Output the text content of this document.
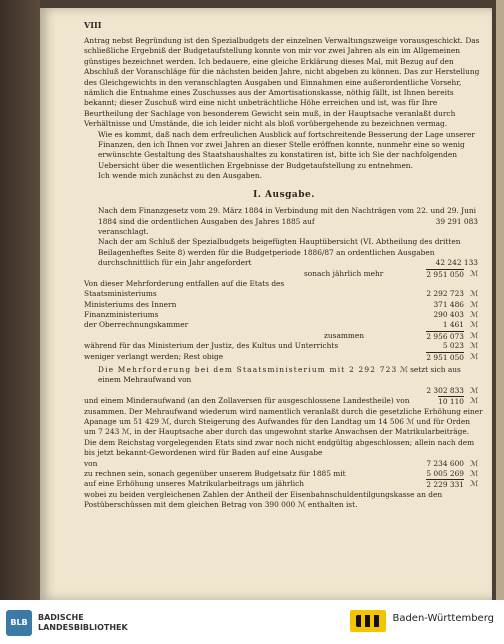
VIII

Antrag nebst Begründung ist den Spezialbudgets der einzelnen Verwaltungszweige vorausgeschickt. Das schließliche Ergebniß der Budgetaufstellung konnte von mir vor zwei Jahren als ein im Allgemeinen günstiges bezeichnet werden. Ich bedauere, eine gleiche Erklärung dieses Mal, mit Bezug auf den Abschluß der Voranschläge für die nächsten beiden Jahre, nicht abgeben zu können. Das zur Herstellung des Gleichgewichts in den veranschlagten Ausgaben und Einnahmen eine außerordentliche Vorsehr, nämlich die Entnahme eines Zuschusses aus der Amortisationskasse, nöthig fällt, ist Ihnen bereits bekannt; dieser Zuschuß wird eine nicht unbeträchtliche Höhe erreichen und ist, was für Ihre Beurtheilung der Sachlage von besonderem Gewicht sein muß, in der Hauptsache veranlaßt durch Verhältnisse und Umstände, die ich leider nicht als bloß vorübergehende zu bezeichnen vermag.

Wie es kommt, daß nach dem erfreulichen Ausblick auf fortschreitende Besserung der Lage unserer Finanzen, den ich Ihnen vor zwei Jahren an dieser Stelle eröffnen konnte, nunmehr eine so wenig erwünschte Gestaltung des Staatshaushaltes zu konstatiren ist, bitte ich Sie der nachfolgenden Uebersicht über die wesentlichen Ergebnisse der Budgetaufstellung zu entnehmen.

Ich wende mich zunächst zu den Ausgaben.

I. Ausgabe.

Nach dem Finanzgesetz vom 29. März 1884 in Verbindung mit den Nachträgen vom 22. und 29. Juni 1884 sind die ordentlichen Ausgaben des Jahres 1885 auf	39 291 083

veranschlagt.

Nach der am Schluß der Spezialbudgets beigefügten Hauptübersicht (VI. Abtheilung des dritten Beilagenheftes Seite 8) werden für die Budgetperiode 1886/87 an ordentlichen Ausgaben durchschnittlich für ein Jahr angefordert	42 242 133

sonach jährlich mehr	2 951 050 ℳ
Von dieser Mehrforderung entfallen auf die Etats des
Staatsministeriums	2 292 723 ℳ
Ministeriums des Innern	371 486 ℳ
Finanzministeriums	290 403 ℳ
der Oberrechnungskammer	1 461 ℳ
zusammen	2 956 073 ℳ
während für das Ministerium der Justiz, des Kultus und Unterrichts	5 023 ℳ
weniger verlangt werden; Rest obige	2 951 050 ℳ

Die Mehrforderung bei dem Staatsministerium mit 2 292 723 ℳ setzt sich aus einem Mehraufwand von

2 302 833 ℳ
und einem Minderaufwand (an den Zollaversen für ausgeschlossene Landestheile) von	10 110 ℳ

zusammen. Der Mehraufwand wiederum wird namentlich veranlaßt durch die gesetzliche Erhöhung einer Apanage um 51 429 ℳ, durch Steigerung des Aufwandes für den Landtag um 14 506 ℳ und für Orden um 7 243 ℳ, in der Hauptsache aber durch das ungewohnt starke Anwachsen der Matrikularbeiträge. Die dem Reichstag vorgelegenden Etats sind zwar noch nicht endgültig abgeschlossen; allein nach dem bis jetzt bekannt-Gewordenen wird für Baden auf eine Ausgabe

von	7 234 600 ℳ
zu rechnen sein, sonach gegenüber unserem Budgetsatz für 1885 mit	5 005 269 ℳ
auf eine Erhöhung unseres Matrikularbeitrags um jährlich	2 229 331 ℳ

wobei zu beiden vergleichenen Zahlen der Antheil der Eisenbahnschuldentilgungskasse an den Postüberschüssen mit dem gleichen Betrag von 390 000 ℳ enthalten ist.

BLB
BADISCHE
LANDESBIBLIOTHEK
Baden-Württemberg
